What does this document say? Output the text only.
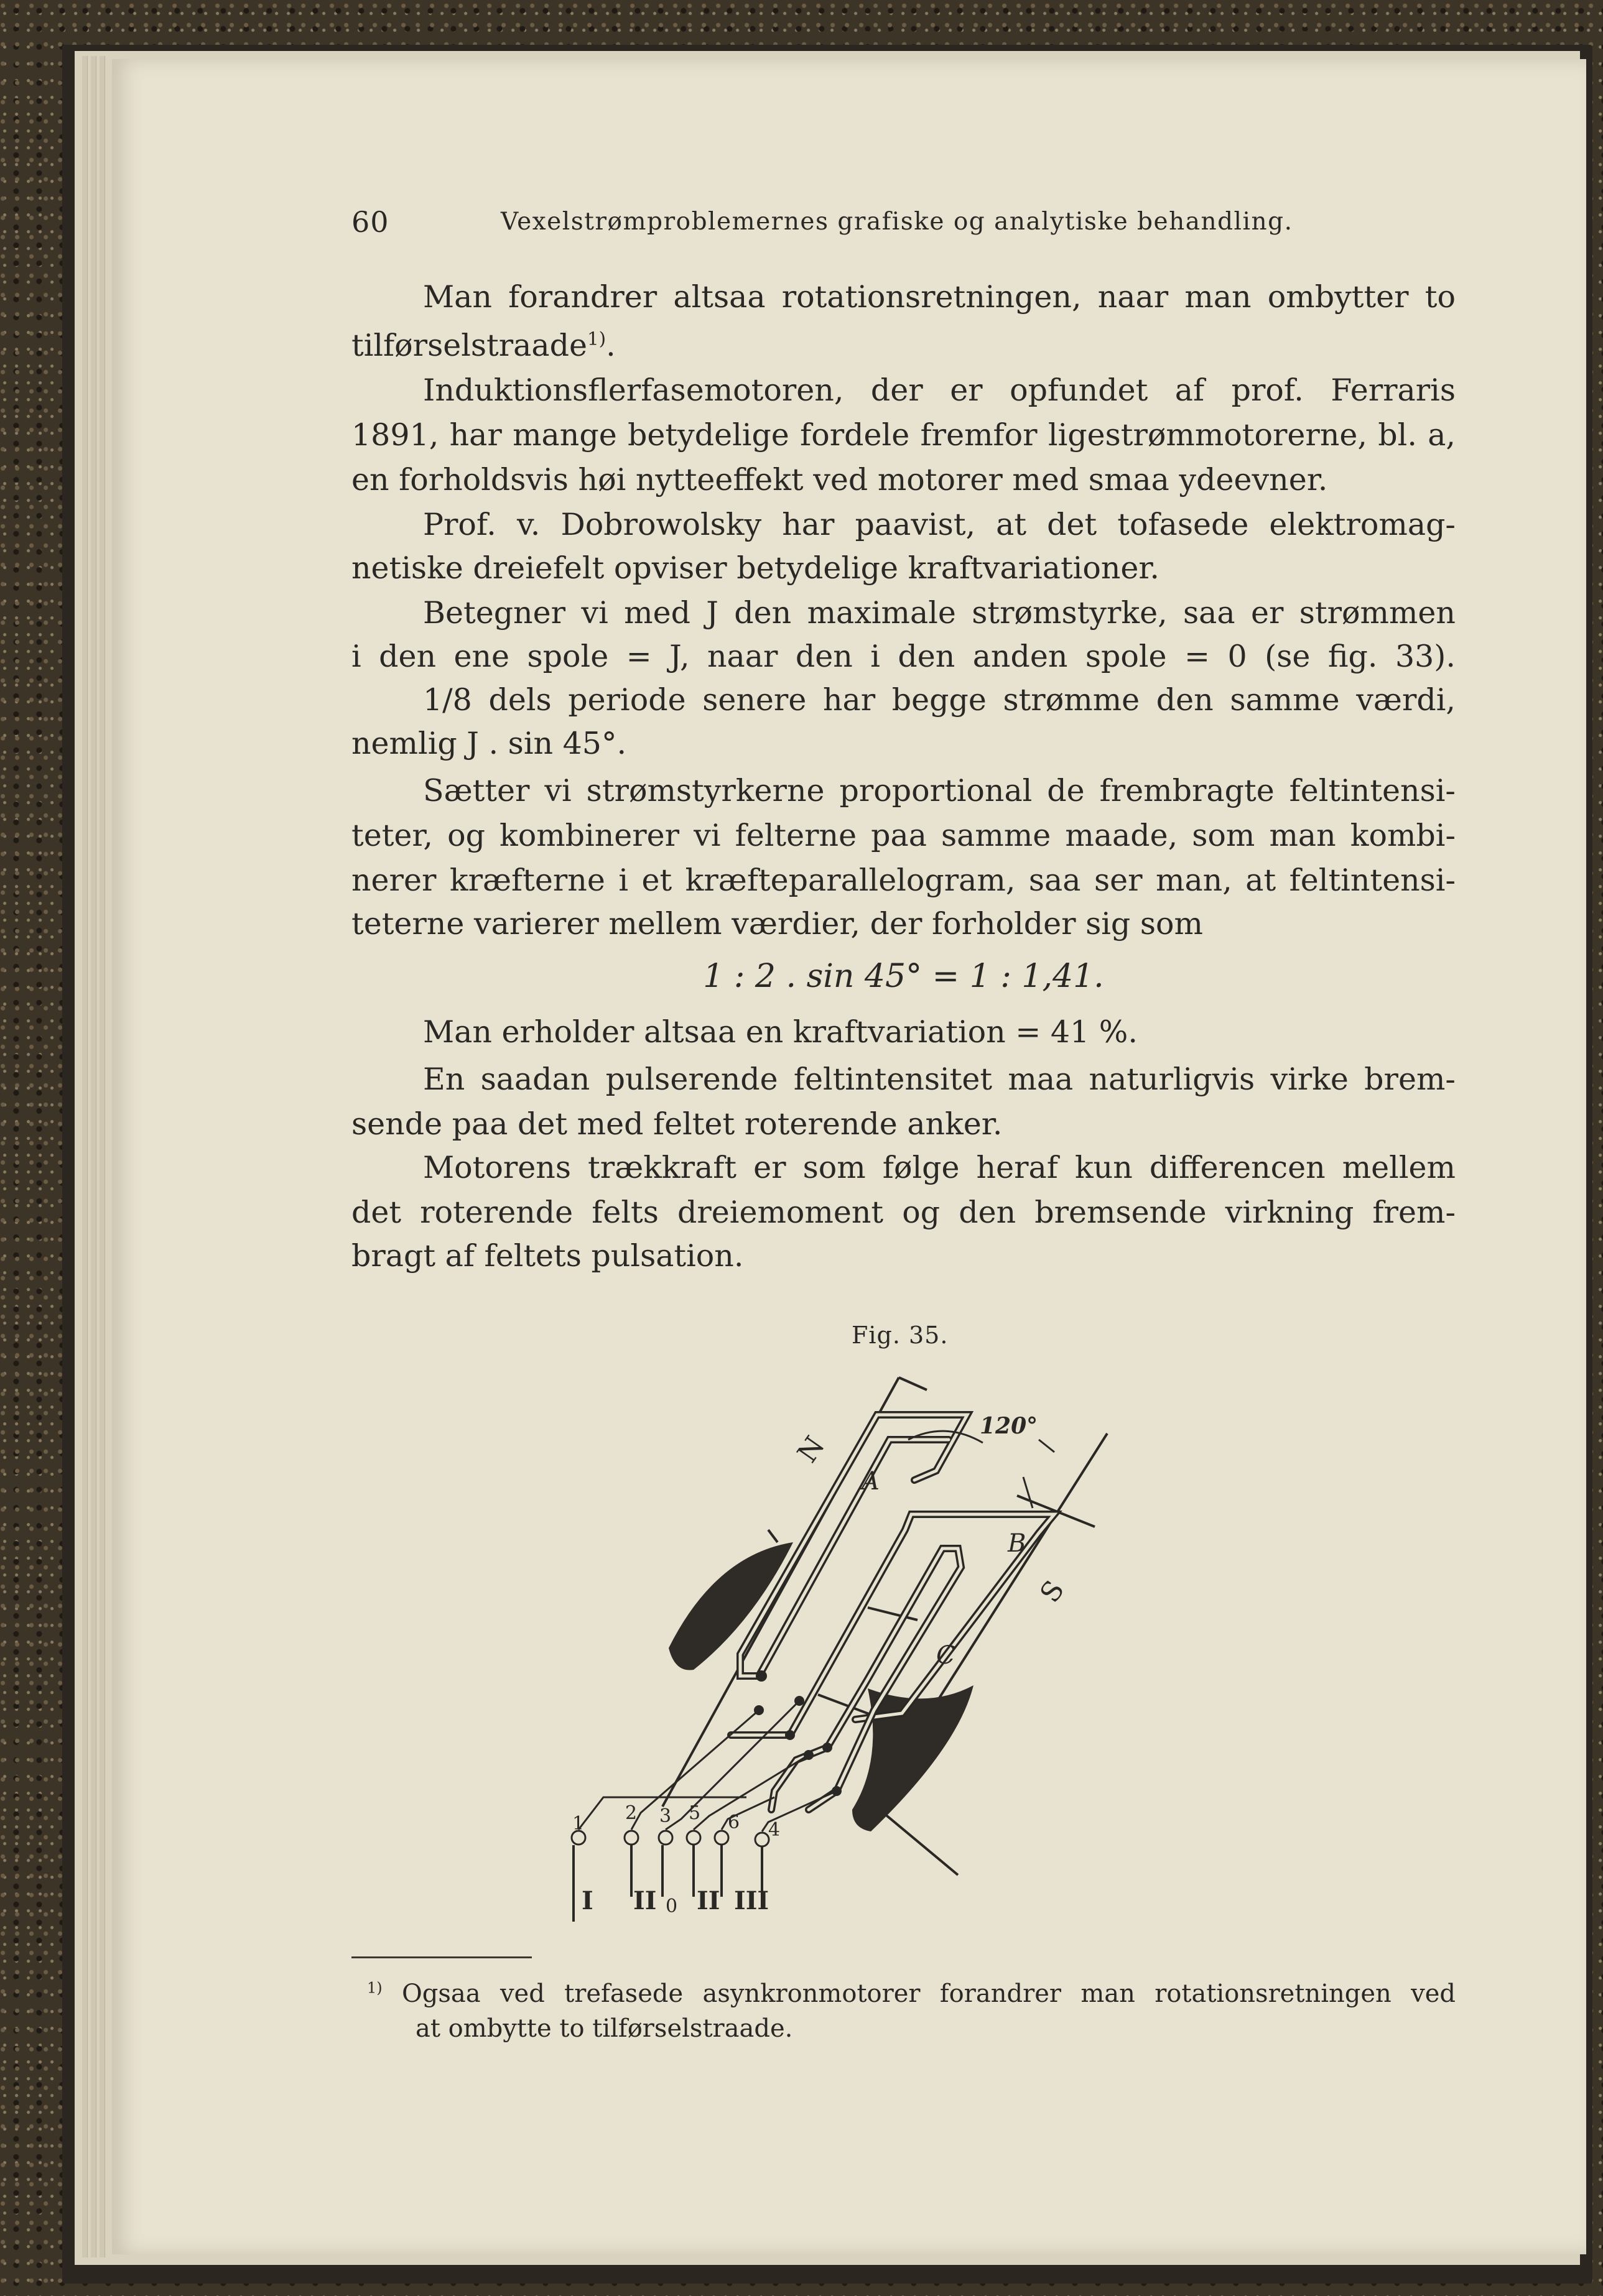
60	Vexelstrømproblemernes grafiske og analytiske behandling.
Man forandrer altsaa rotationsretningen, naar man ombytter to
tilførselstraade$^{1)}$.
Induktionsflerfasemotoren, der er opfundet af prof. Ferraris
1891, har mange betydelige fordele fremfor ligestrømmotorerne, bl. a,
en forholdsvis høi nytteeffekt ved motorer med smaa ydeevner.
Prof. v. Dobrowolsky har paavist, at det tofasede elektromag-
netiske dreiefelt opviser betydelige kraftvariationer.
Betegner vi med J den maximale strømstyrke, saa er strømmen
i den ene spole = J, naar den i den anden spole = 0 (se fig. 33).
1/8 dels periode senere har begge strømme den samme værdi,
nemlig J . sin 45°.
Sætter vi strømstyrkerne proportional de frembragte feltintensi-
teter, og kombinerer vi felterne paa samme maade, som man kombi-
nerer kræfterne i et kræfteparallelogram, saa ser man, at feltintensi-
teterne varierer mellem værdier, der forholder sig som
1 : 2 . sin 45° = 1 : 1,41.
Man erholder altsaa en kraftvariation = 41 %.
En saadan pulserende feltintensitet maa naturligvis virke brem-
sende paa det med feltet roterende anker.
Motorens trækkraft er som følge heraf kun differencen mellem
det roterende felts dreiemoment og den bremsende virkning frem-
bragt af feltets pulsation.
Fig. 35.
N
A
S
B
C
120°
1 2 3 5 6 4
I II 0 II III
$^{1)}$ Ogsaa ved trefasede asynkronmotorer forandrer man rotationsretningen ved
at ombytte to tilførselstraade.
